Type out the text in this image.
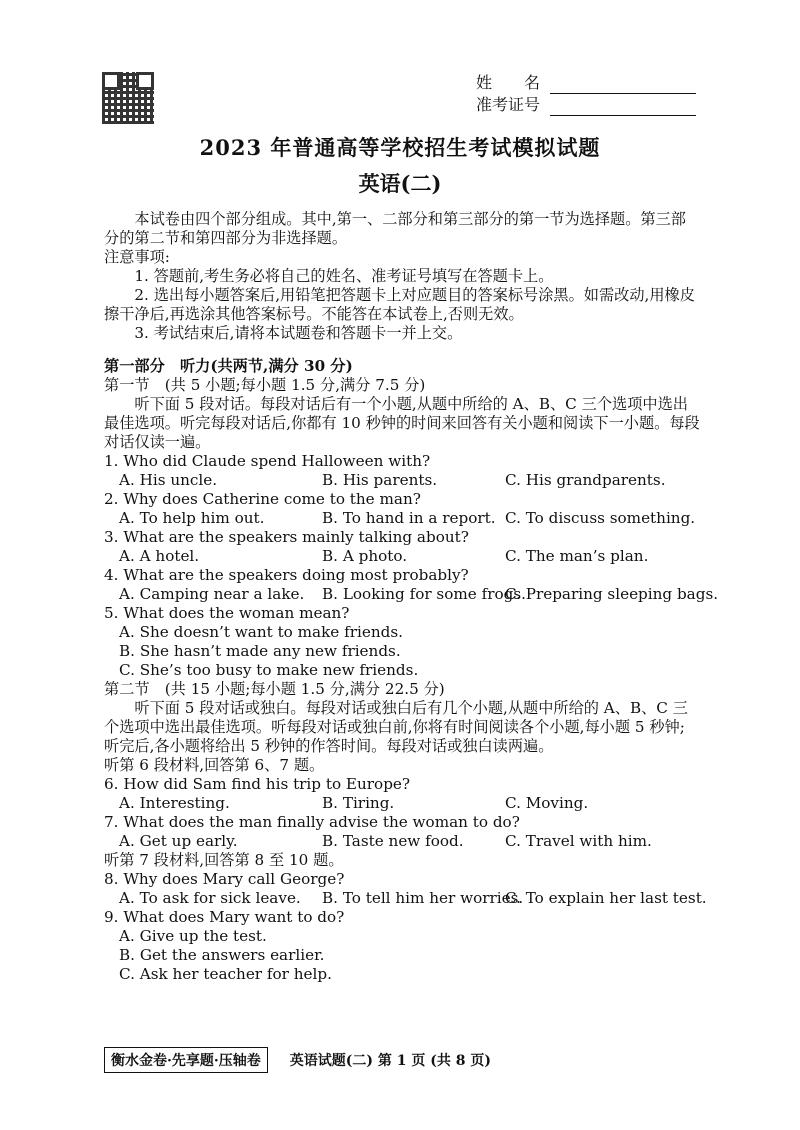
姓　　名
准考证号
2023 年普通高等学校招生考试模拟试题
英语(二)

本试卷由四个部分组成。其中,第一、二部分和第三部分的第一节为选择题。第三部分的第二节和第四部分为非选择题。

注意事项:

1. 答题前,考生务必将自己的姓名、准考证号填写在答题卡上。

2. 选出每小题答案后,用铅笔把答题卡上对应题目的答案标号涂黑。如需改动,用橡皮擦干净后,再选涂其他答案标号。不能答在本试卷上,否则无效。

3. 考试结束后,请将本试题卷和答题卡一并上交。

第一部分　听力(共两节,满分 30 分)

第一节　(共 5 小题;每小题 1.5 分,满分 7.5 分)

听下面 5 段对话。每段对话后有一个小题,从题中所给的 A、B、C 三个选项中选出最佳选项。听完每段对话后,你都有 10 秒钟的时间来回答有关小题和阅读下一小题。每段对话仅读一遍。

1. Who did Claude spend Halloween with?

A. His uncle.	B. His parents.	C. His grandparents.

2. Why does Catherine come to the man?

A. To help him out.	B. To hand in a report. C. To discuss something.

3. What are the speakers mainly talking about?

A. A hotel.	B. A photo.	C. The man’s plan.

4. What are the speakers doing most probably?

A. Camping near a lake.	B. Looking for some frogs.
C. Preparing sleeping bags.

5. What does the woman mean?

A. She doesn’t want to make friends.

B. She hasn’t made any new friends.

C. She’s too busy to make new friends.

第二节　(共 15 小题;每小题 1.5 分,满分 22.5 分)

听下面 5 段对话或独白。每段对话或独白后有几个小题,从题中所给的 A、B、C 三个选项中选出最佳选项。听每段对话或独白前,你将有时间阅读各个小题,每小题 5 秒钟;听完后,各小题将给出 5 秒钟的作答时间。每段对话或独白读两遍。

听第 6 段材料,回答第 6、7 题。

6. How did Sam find his trip to Europe?

A. Interesting.	B. Tiring.	C. Moving.

7. What does the man finally advise the woman to do?

A. Get up early.	B. Taste new food.	C. Travel with him.

听第 7 段材料,回答第 8 至 10 题。

8. Why does Mary call George?

A. To ask for sick leave.	B. To tell him her worries.
C. To explain her last test.

9. What does Mary want to do?

A. Give up the test.

B. Get the answers earlier.

C. Ask her teacher for help.

衡水金卷·先享题·压轴卷	英语试题(二) 第 1 页 (共 8 页)
